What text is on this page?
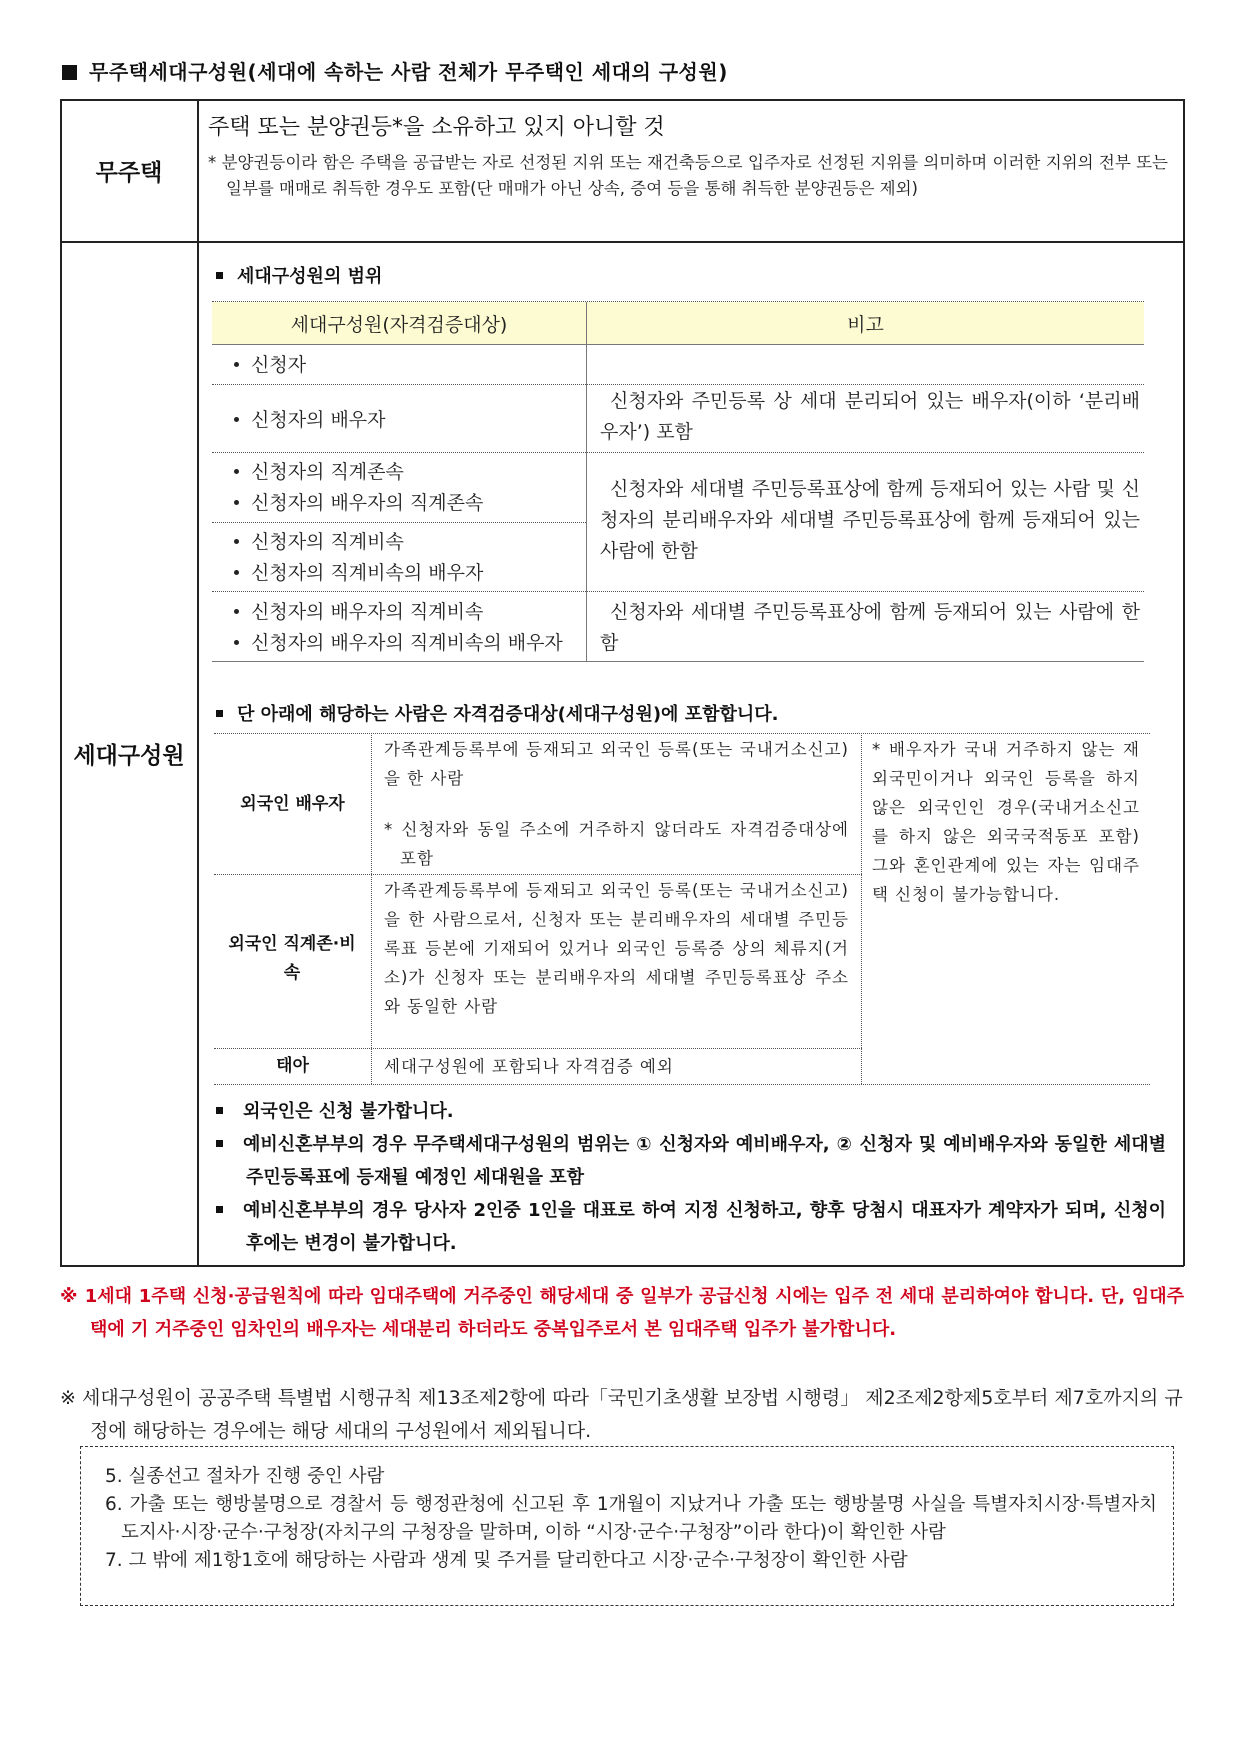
무주택세대구성원(세대에 속하는 사람 전체가 무주택인 세대의 구성원)
무주택
주택 또는 분양권등*을 소유하고 있지 아니할 것
* 분양권등이라 함은 주택을 공급받는 자로 선정된 지위 또는 재건축등으로 입주자로 선정된 지위를 의미하며 이러한 지위의 전부 또는 일부를 매매로 취득한 경우도 포함(단 매매가 아닌 상속, 증여 등을 통해 취득한 분양권등은 제외)
세대구성원
세대구성원의 범위
세대구성원(자격검증대상)	비고
신청자
신청자의 배우자
신청자와 주민등록 상 세대 분리되어 있는 배우자(이하 ‘분리배우자’) 포함
신청자의 직계존속
신청자의 배우자의 직계존속
신청자와 세대별 주민등록표상에 함께 등재되어 있는 사람 및 신청자의 분리배우자와 세대별 주민등록표상에 함께 등재되어 있는 사람에 한함
신청자의 직계비속
신청자의 직계비속의 배우자
신청자의 배우자의 직계비속
신청자의 배우자의 직계비속의 배우자
신청자와 세대별 주민등록표상에 함께 등재되어 있는 사람에 한함
단 아래에 해당하는 사람은 자격검증대상(세대구성원)에 포함합니다.
외국인 배우자
가족관계등록부에 등재되고 외국인 등록(또는 국내거소신고)을 한 사람
* 신청자와 동일 주소에 거주하지 않더라도 자격검증대상에 포함
외국인 직계존·비속
가족관계등록부에 등재되고 외국인 등록(또는 국내거소신고)을 한 사람으로서, 신청자 또는 분리배우자의 세대별 주민등록표 등본에 기재되어 있거나 외국인 등록증 상의 체류지(거소)가 신청자 또는 분리배우자의 세대별 주민등록표상 주소와 동일한 사람
태아	세대구성원에 포함되나 자격검증 예외
* 배우자가 국내 거주하지 않는 재외국민이거나 외국인 등록을 하지 않은 외국인인 경우(국내거소신고를 하지 않은 외국국적동포 포함) 그와 혼인관계에 있는 자는 임대주택 신청이 불가능합니다.
외국인은 신청 불가합니다.
예비신혼부부의 경우 무주택세대구성원의 범위는 ① 신청자와 예비배우자, ② 신청자 및 예비배우자와 동일한 세대별 주민등록표에 등재될 예정인 세대원을 포함
예비신혼부부의 경우 당사자 2인중 1인을 대표로 하여 지정 신청하고, 향후 당첨시 대표자가 계약자가 되며, 신청이후에는 변경이 불가합니다.
※ 1세대 1주택 신청·공급원칙에 따라 임대주택에 거주중인 해당세대 중 일부가 공급신청 시에는 입주 전 세대 분리하여야 합니다. 단, 임대주택에 기 거주중인 임차인의 배우자는 세대분리 하더라도 중복입주로서 본 임대주택 입주가 불가합니다.
※ 세대구성원이 공공주택 특별법 시행규칙 제13조제2항에 따라「국민기초생활 보장법 시행령」 제2조제2항제5호부터 제7호까지의 규정에 해당하는 경우에는 해당 세대의 구성원에서 제외됩니다.
5. 실종선고 절차가 진행 중인 사람
6. 가출 또는 행방불명으로 경찰서 등 행정관청에 신고된 후 1개월이 지났거나 가출 또는 행방불명 사실을 특별자치시장·특별자치도지사·시장·군수·구청장(자치구의 구청장을 말하며, 이하 “시장·군수·구청장”이라 한다)이 확인한 사람
7. 그 밖에 제1항1호에 해당하는 사람과 생계 및 주거를 달리한다고 시장·군수·구청장이 확인한 사람
